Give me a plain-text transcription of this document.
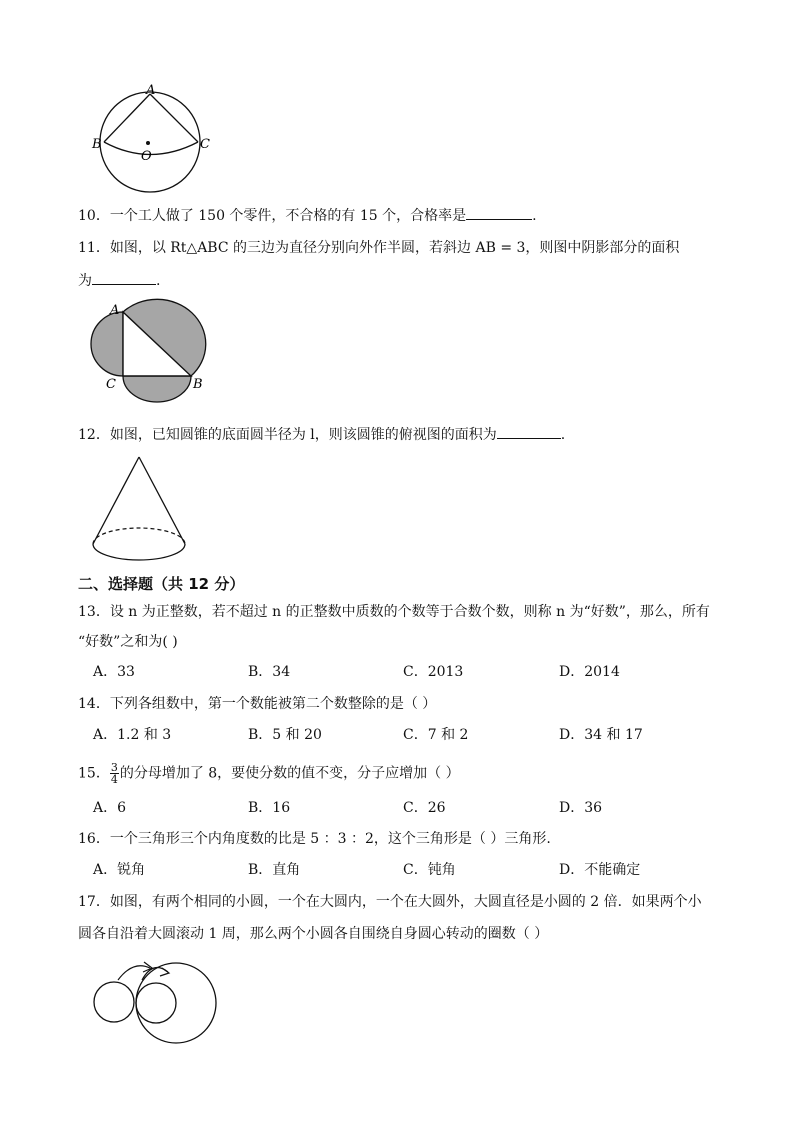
A
B	C
O
10．一个工人做了 150 个零件，不合格的有 15 个，合格率是	.
11．如图，以 Rt△ABC 的三边为直径分别向外作半圆，若斜边 AB = 3，则图中阴影部分的面积
为	.
A
C	B
12．如图，已知圆锥的底面圆半径为 l，则该圆锥的俯视图的面积为	.
二、选择题（共 12 分）
13．设 n 为正整数，若不超过 n 的正整数中质数的个数等于合数个数，则称 n 为“好数”，那么，所有
“好数”之和为( )
A．33	B．34	C．2013	D．2014
14．下列各组数中，第一个数能被第二个数整除的是（ ）
A．1.2 和 3	B．5 和 20	C．7 和 2	D．34 和 17
15． $\frac{3}{4}$ 的分母增加了 8，要使分数的值不变，分子应增加（ ）
A．6	B．16	C．26	D．36
16．一个三角形三个内角度数的比是 5 ：3 ：2，这个三角形是（ ）三角形.
A．锐角	B．直角	C．钝角	D．不能确定
17．如图，有两个相同的小圆，一个在大圆内，一个在大圆外，大圆直径是小圆的 2 倍．如果两个小
圆各自沿着大圆滚动 1 周，那么两个小圆各自围绕自身圆心转动的圈数（ ）
